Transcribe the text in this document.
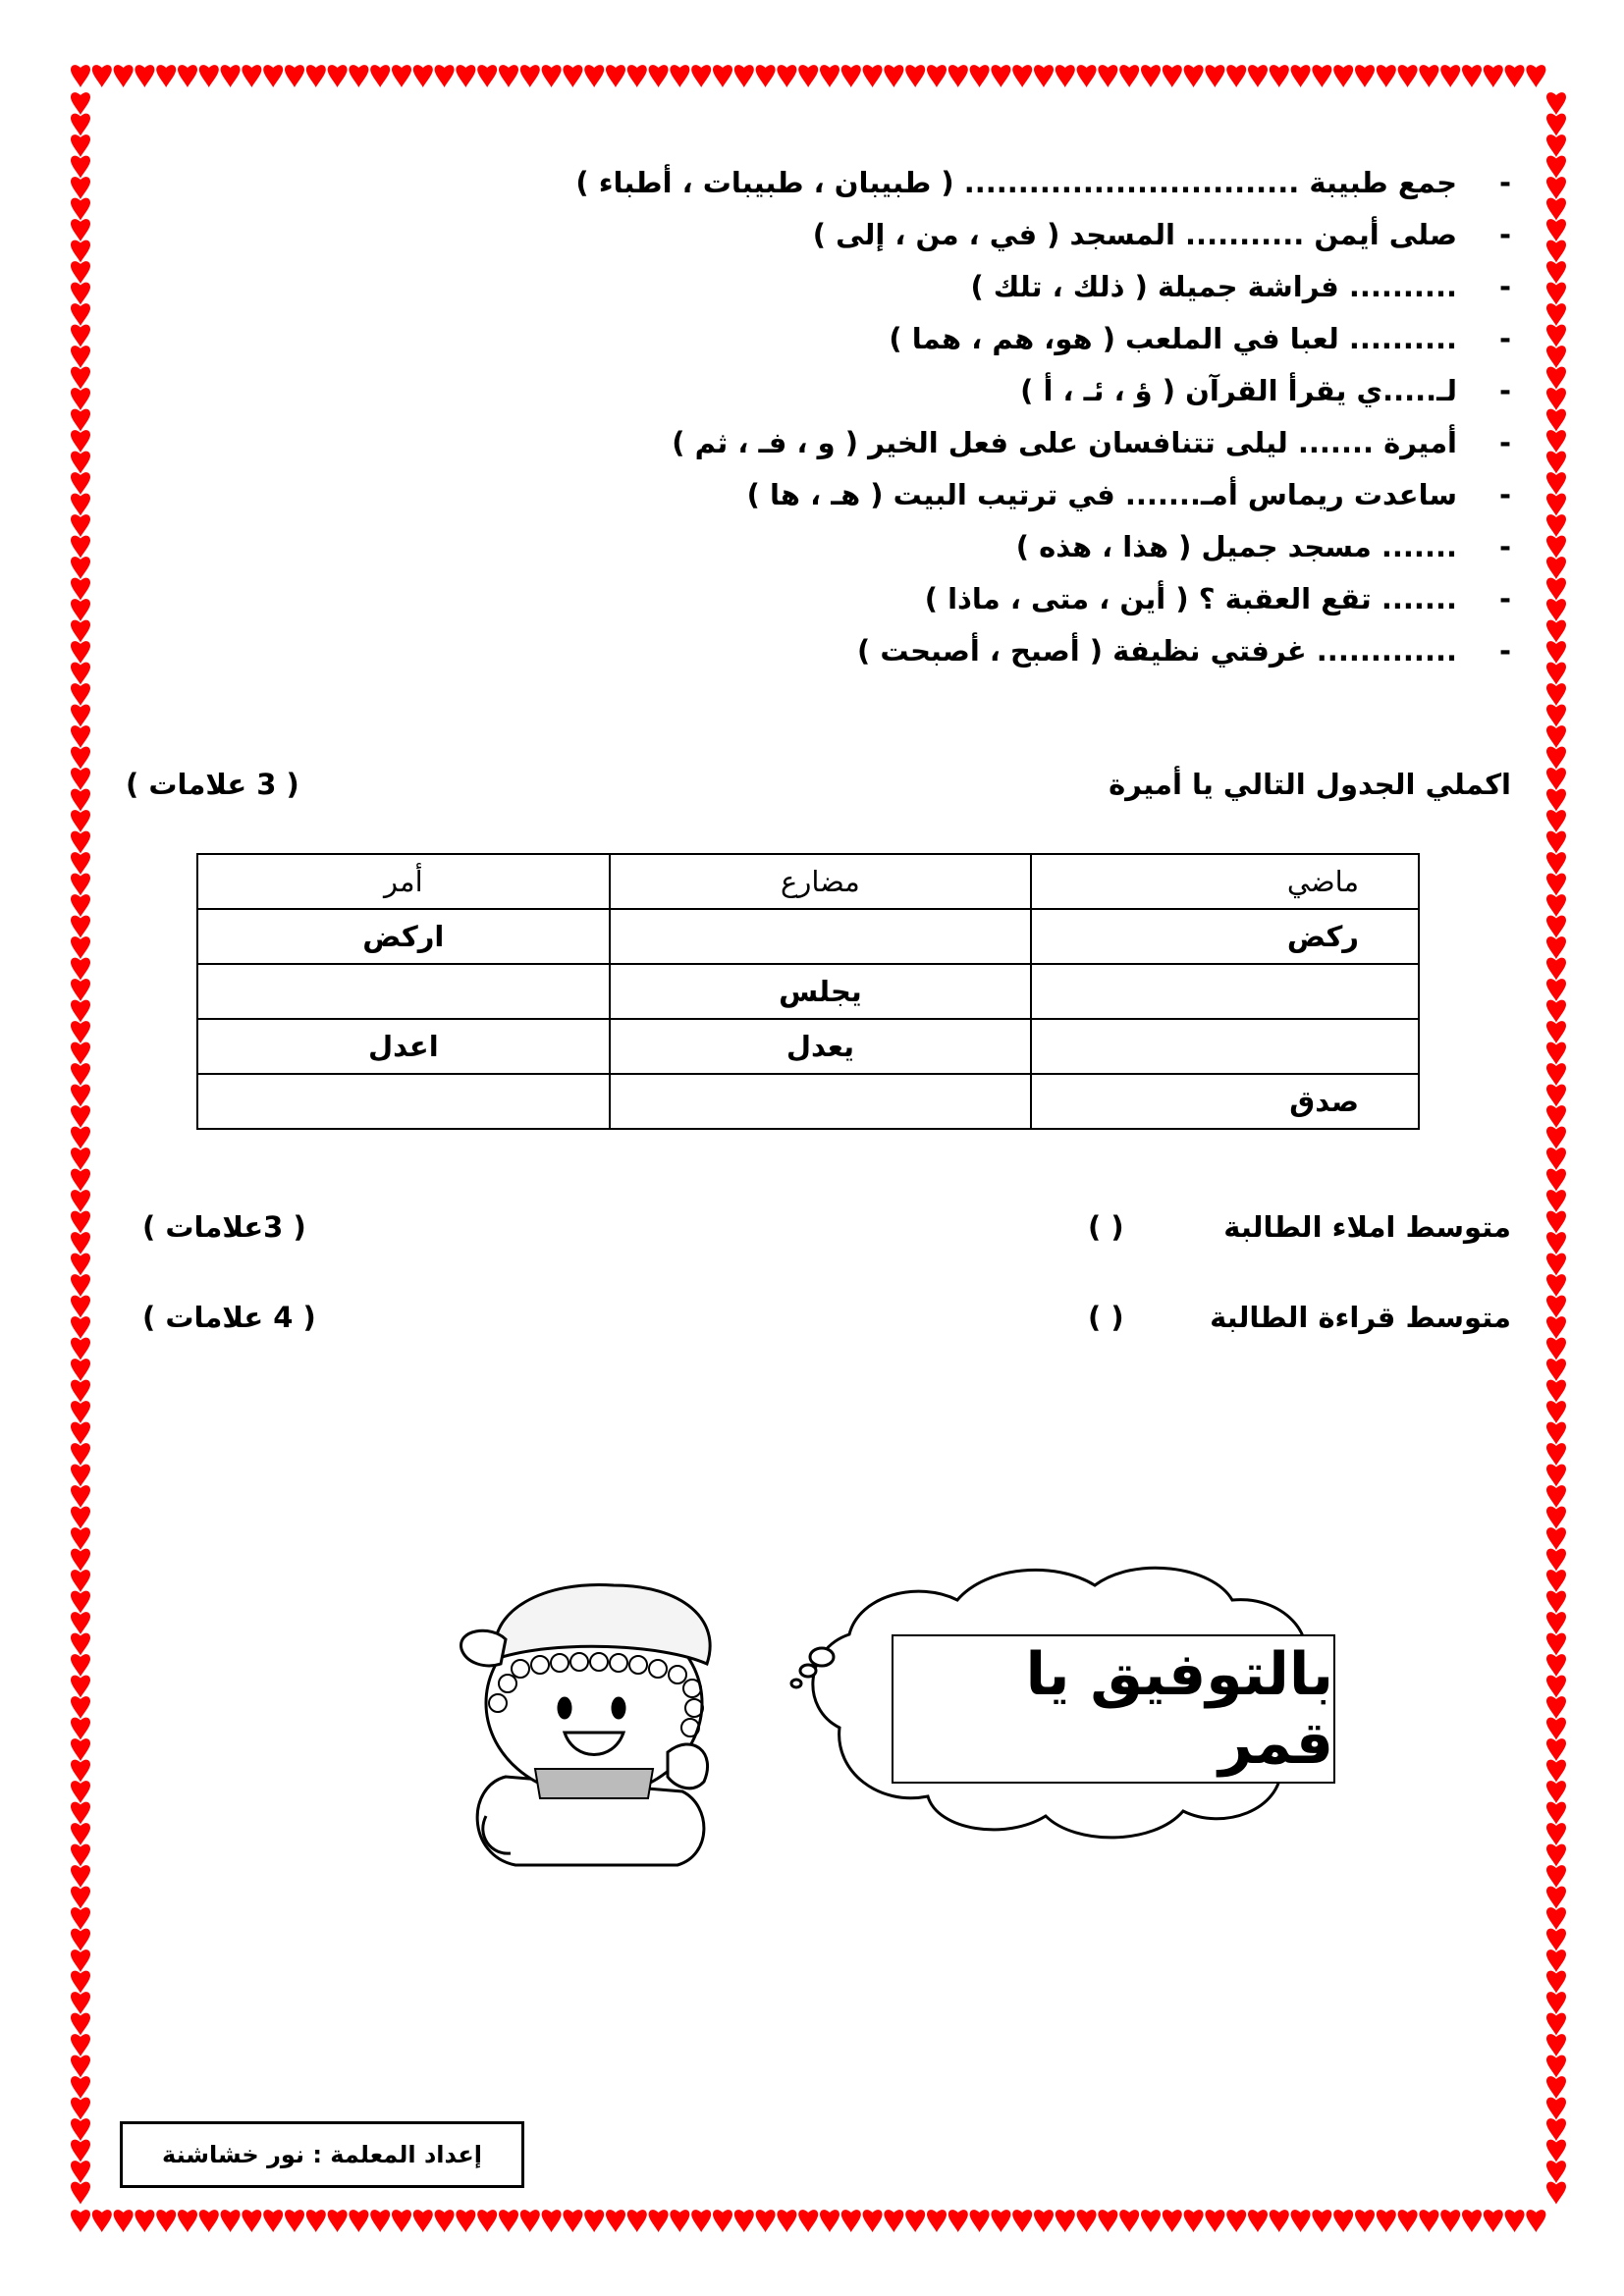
-جمع طبيبة ............................... ( طبيبان ، طبيبات ، أطباء )
-صلى أيمن ........... المسجد ( في ، من ، إلى )
-.......... فراشة جميلة ( ذلك ، تلك )
-.......... لعبا في الملعب ( هو، هم ، هما )
-لـ.....ي يقرأ القرآن ( ؤ ، ئـ ، أ )
-أميرة ....... ليلى تتنافسان على فعل الخير ( و ، فـ ، ثم )
-ساعدت ريماس أمـ....... في ترتيب البيت ( هـ ، ها )
-....... مسجد جميل ( هذا ، هذه )
-....... تقع العقبة ؟ ( أين ، متى ، ماذا )
-............. غرفتي نظيفة ( أصبح ، أصبحت )
اكملي الجدول التالي يا أميرة
( 3 علامات )
ماضي	مضارع	أمر
ركض		اركض
	يجلس	
	يعدل	اعدل
صدق		
متوسط املاء الطالبة
( )
( 3علامات )
متوسط قراءة الطالبة
( )
( 4 علامات )
بالتوفيق يا قمر
إعداد المعلمة : نور خشاشنة
